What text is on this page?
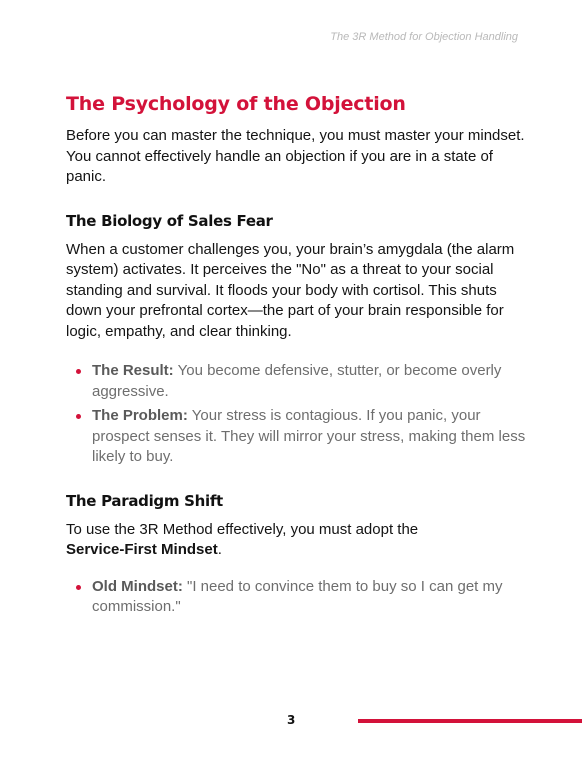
The 3R Method for Objection Handling
The Psychology of the Objection

Before you can master the technique, you must master your mindset. You cannot effectively handle an objection if you are in a state of panic.

The Biology of Sales Fear

When a customer challenges you, your brain’s amygdala (the alarm system) activates. It perceives the "No" as a threat to your social standing and survival. It floods your body with cortisol. This shuts down your prefrontal cortex—the part of your brain responsible for logic, empathy, and clear thinking.

The Result: You become defensive, stutter, or become overly aggressive.
The Problem: Your stress is contagious. If you panic, your prospect senses it. They will mirror your stress, making them less likely to buy.
The Paradigm Shift

To use the 3R Method effectively, you must adopt the
Service-First Mindset.

Old Mindset: "I need to convince them to buy so I can get my commission."
3
